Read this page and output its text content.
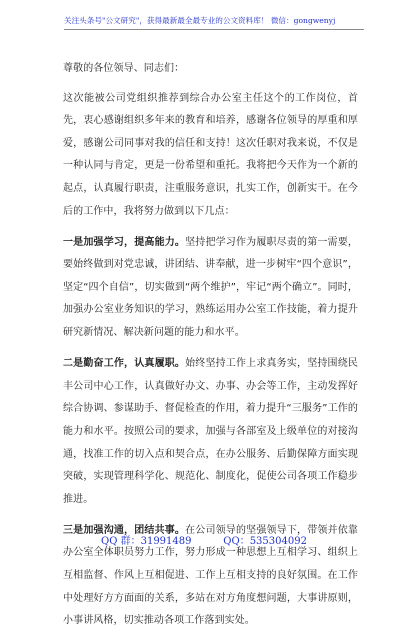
关注头条号"公文研究"，获得最新最全最专业的公文资料库！ 微信：gongwenyj

尊敬的各位领导、同志们：

这次能被公司党组织推荐到综合办公室主任这个的工作岗位，首先，衷心感谢组织多年来的教育和培养，感谢各位领导的厚重和厚爱，感谢公司同事对我的信任和支持！这次任职对我来说，不仅是一种认同与肯定，更是一份希望和重托。我将把今天作为一个新的起点，认真履行职责，注重服务意识，扎实工作，创新实干。在今后的工作中，我将努力做到以下几点：

一是加强学习，提高能力。坚持把学习作为履职尽责的第一需要，要始终做到对党忠诚，讲团结、讲奉献，进一步树牢“四个意识”，坚定“四个自信”，切实做到“两个维护”，牢记“两个确立”。同时，加强办公室业务知识的学习，熟练运用办公室工作技能，着力提升研究新情况、解决新问题的能力和水平。

二是勤奋工作，认真履职。始终坚持工作上求真务实，坚持围绕民丰公司中心工作，认真做好办文、办事、办会等工作，主动发挥好综合协调、参谋助手、督促检查的作用，着力提升“三服务”工作的能力和水平。按照公司的要求，加强与各部室及上级单位的对接沟通，找准工作的切入点和契合点，在办公服务、后勤保障方面实现突破，实现管理科学化、规范化、制度化，促使公司各项工作稳步推进。

三是加强沟通，团结共事。在公司领导的坚强领导下，带领并依靠办公室全体职员努力工作，努力形成一种思想上互相学习、组织上互相监督、作风上互相促进、工作上互相支持的良好氛围。在工作中处理好方方面面的关系，多站在对方角度想问题，大事讲原则，小事讲风格，切实推动各项工作落到实处。

QQ 群：31991489	QQ：535304092
